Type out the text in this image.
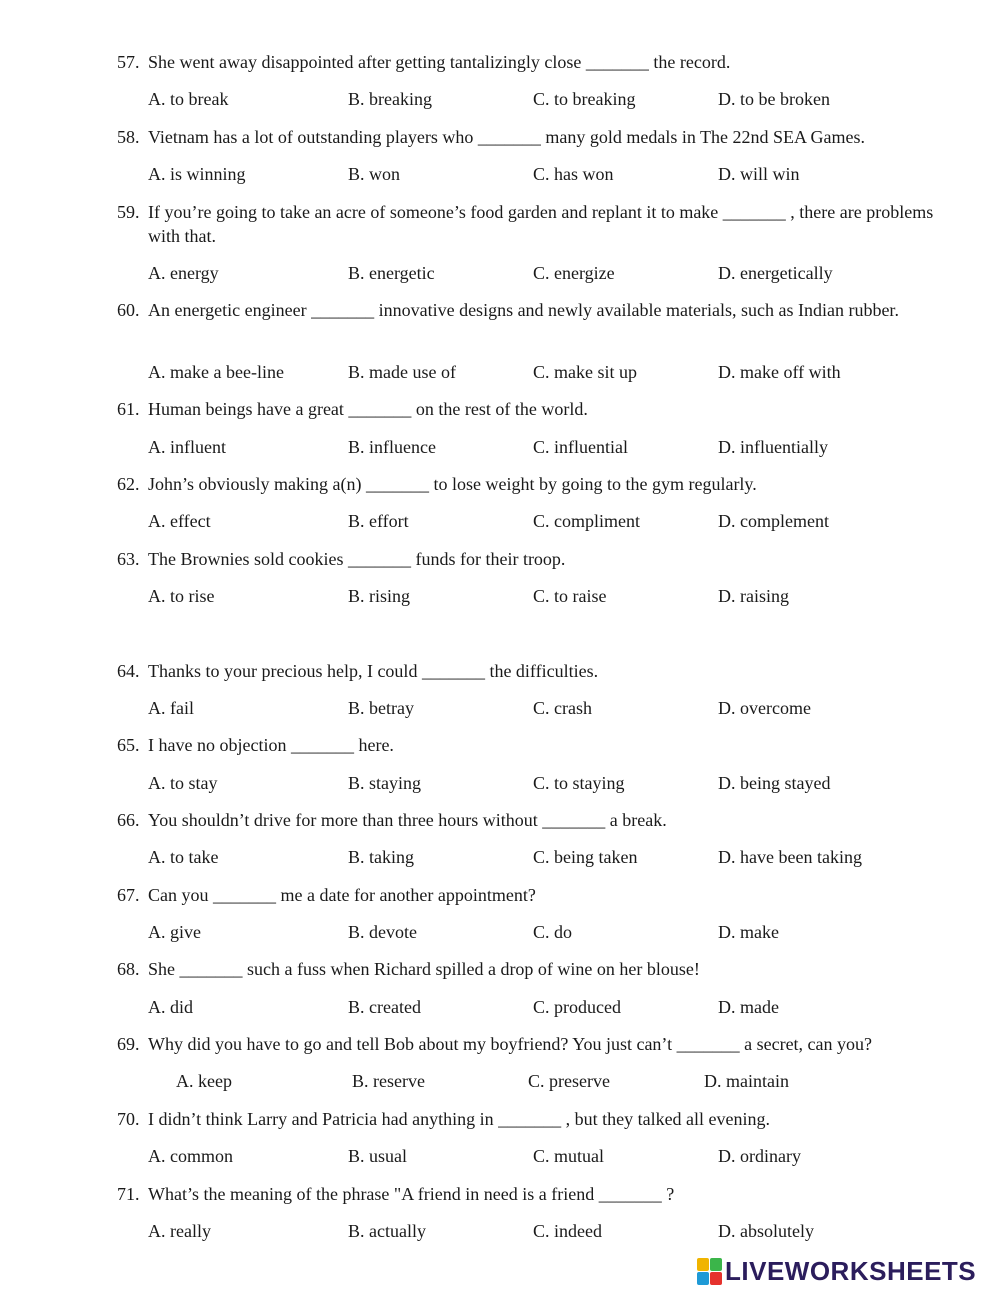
57. She went away disappointed after getting tantalizingly close _______ the record.
A. to break	B. breaking	C. to breaking	D. to be broken
58. Vietnam has a lot of outstanding players who _______ many gold medals in The 22nd SEA Games.
A. is winning	B. won	C. has won	D. will win
59. If you’re going to take an acre of someone’s food garden and replant it to make _______ , there are problems with that.
A. energy	B. energetic	C. energize	D. energetically
60. An energetic engineer _______ innovative designs and newly available materials, such as Indian rubber.
A. make a bee-line	B. made use of	C. make sit up	D. make off with
61. Human beings have a great _______ on the rest of the world.
A. influent	B. influence	C. influential	D. influentially
62. John’s obviously making a(n) _______ to lose weight by going to the gym regularly.
A. effect	B. effort	C. compliment	D. complement
63. The Brownies sold cookies _______ funds for their troop.
A. to rise	B. rising	C. to raise	D. raising
64. Thanks to your precious help, I could _______ the difficulties.
A. fail	B. betray	C. crash	D. overcome
65. I have no objection _______ here.
A. to stay	B. staying	C. to staying	D. being stayed
66. You shouldn’t drive for more than three hours without _______ a break.
A. to take	B. taking	C. being taken	D. have been taking
67. Can you _______ me a date for another appointment?
A. give	B. devote	C. do	D. make
68. She _______ such a fuss when Richard spilled a drop of wine on her blouse!
A. did	B. created	C. produced	D. made
69. Why did you have to go and tell Bob about my boyfriend? You just can’t _______ a secret, can you?
A. keep	B. reserve	C. preserve	D. maintain
70. I didn’t think Larry and Patricia had anything in _______ , but they talked all evening.
A. common	B. usual	C. mutual	D. ordinary
71. What’s the meaning of the phrase "A friend in need is a friend _______ ?
A. really	B. actually	C. indeed	D. absolutely
LIVEWORKSHEETS
